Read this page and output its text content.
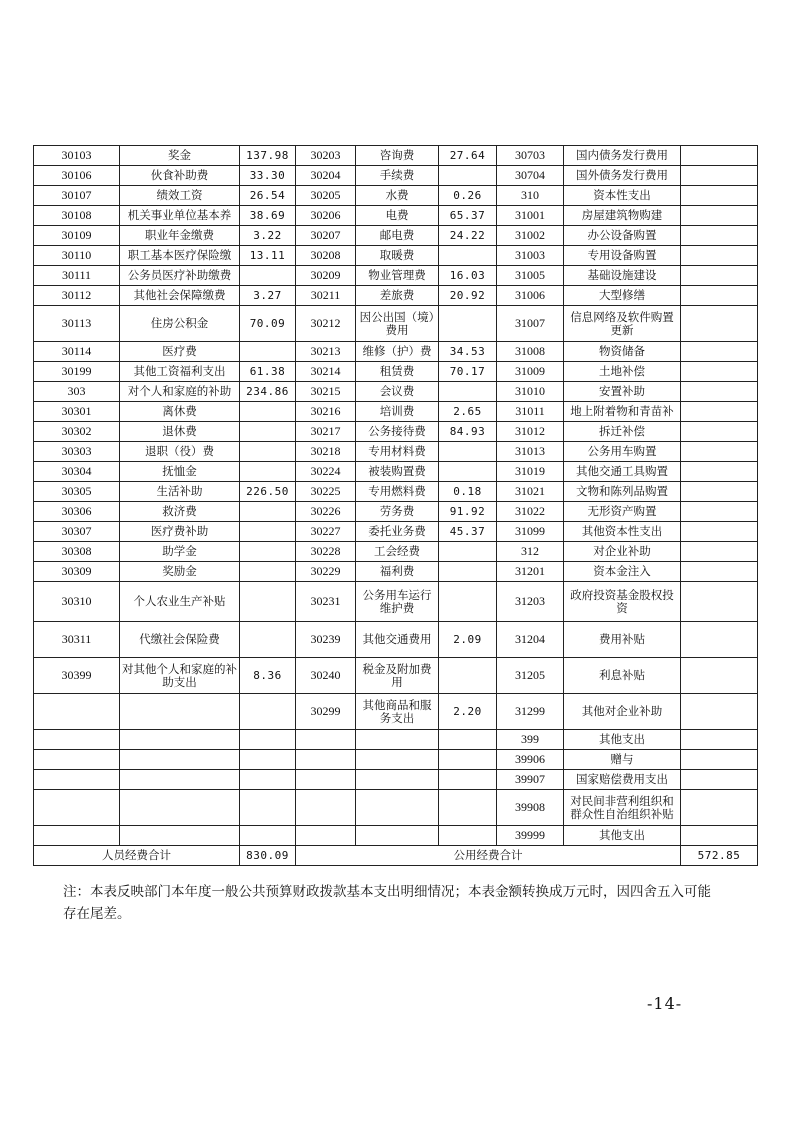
30103	奖金	137.98	30203	咨询费	27.64	30703	国内债务发行费用	
30106	伙食补助费	33.30	30204	手续费		30704	国外债务发行费用	
30107	绩效工资	26.54	30205	水费	0.26	310	资本性支出	
30108	机关事业单位基本养	38.69	30206	电费	65.37	31001	房屋建筑物购建	
30109	职业年金缴费	3.22	30207	邮电费	24.22	31002	办公设备购置	
30110	职工基本医疗保险缴	13.11	30208	取暖费		31003	专用设备购置	
30111	公务员医疗补助缴费		30209	物业管理费	16.03	31005	基础设施建设	
30112	其他社会保障缴费	3.27	30211	差旅费	20.92	31006	大型修缮	
30113	住房公积金	70.09	30212	因公出国（境）费用		31007	信息网络及软件购置更新	
30114	医疗费		30213	维修（护）费	34.53	31008	物资储备	
30199	其他工资福利支出	61.38	30214	租赁费	70.17	31009	土地补偿	
303	对个人和家庭的补助	234.86	30215	会议费		31010	安置补助	
30301	离休费		30216	培训费	2.65	31011	地上附着物和青苗补	
30302	退休费		30217	公务接待费	84.93	31012	拆迁补偿	
30303	退职（役）费		30218	专用材料费		31013	公务用车购置	
30304	抚恤金		30224	被装购置费		31019	其他交通工具购置	
30305	生活补助	226.50	30225	专用燃料费	0.18	31021	文物和陈列品购置	
30306	救济费		30226	劳务费	91.92	31022	无形资产购置	
30307	医疗费补助		30227	委托业务费	45.37	31099	其他资本性支出	
30308	助学金		30228	工会经费		312	对企业补助	
30309	奖励金		30229	福利费		31201	资本金注入	
30310	个人农业生产补贴		30231	公务用车运行维护费		31203	政府投资基金股权投资	
30311	代缴社会保险费		30239	其他交通费用	2.09	31204	费用补贴	
30399	对其他个人和家庭的补助支出	8.36	30240	税金及附加费用		31205	利息补贴	
			30299	其他商品和服务支出	2.20	31299	其他对企业补助	
						399	其他支出	
						39906	赠与	
						39907	国家赔偿费用支出	
						39908	对民间非营利组织和群众性自治组织补贴	
						39999	其他支出	
人员经费合计		830.09	公用经费合计					572.85

注：本表反映部门本年度一般公共预算财政拨款基本支出明细情况；本表金额转换成万元时，因四舍五入可能存在尾差。

-14-
